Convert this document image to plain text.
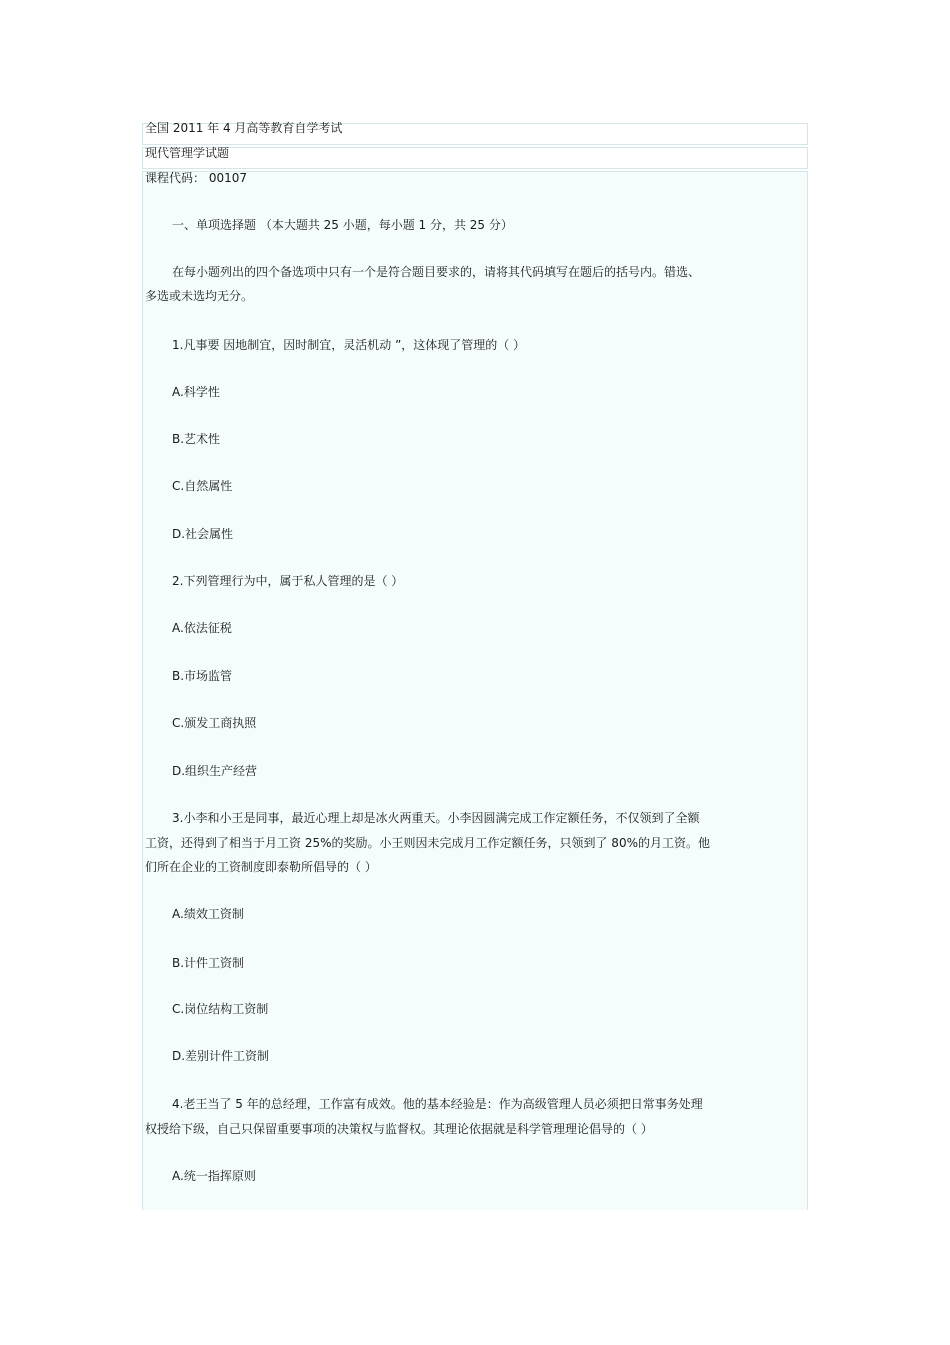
全国 2011 年 4 月高等教育自学考试
现代管理学试题
课程代码： 00107
一、单项选择题 （本大题共 25 小题，每小题 1 分，共 25 分）
在每小题列出的四个备选项中只有一个是符合题目要求的，请将其代码填写在题后的括号内。错选、
多选或未选均无分。
1.凡事要 因地制宜，因时制宜，灵活机动 ”，这体现了管理的（ ）
A.科学性
B.艺术性
C.自然属性
D.社会属性
2.下列管理行为中，属于私人管理的是（ ）
A.依法征税
B.市场监管
C.颁发工商执照
D.组织生产经营
3.小李和小王是同事，最近心理上却是冰火两重天。小李因圆满完成工作定额任务，不仅领到了全额
工资，还得到了相当于月工资 25%的奖励。小王则因未完成月工作定额任务，只领到了 80%的月工资。他
们所在企业的工资制度即泰勒所倡导的（ ）
A.绩效工资制
B.计件工资制
C.岗位结构工资制
D.差别计件工资制
4.老王当了 5 年的总经理，工作富有成效。他的基本经验是：作为高级管理人员必须把日常事务处理
权授给下级，自己只保留重要事项的决策权与监督权。其理论依据就是科学管理理论倡导的（ ）
A.统一指挥原则
